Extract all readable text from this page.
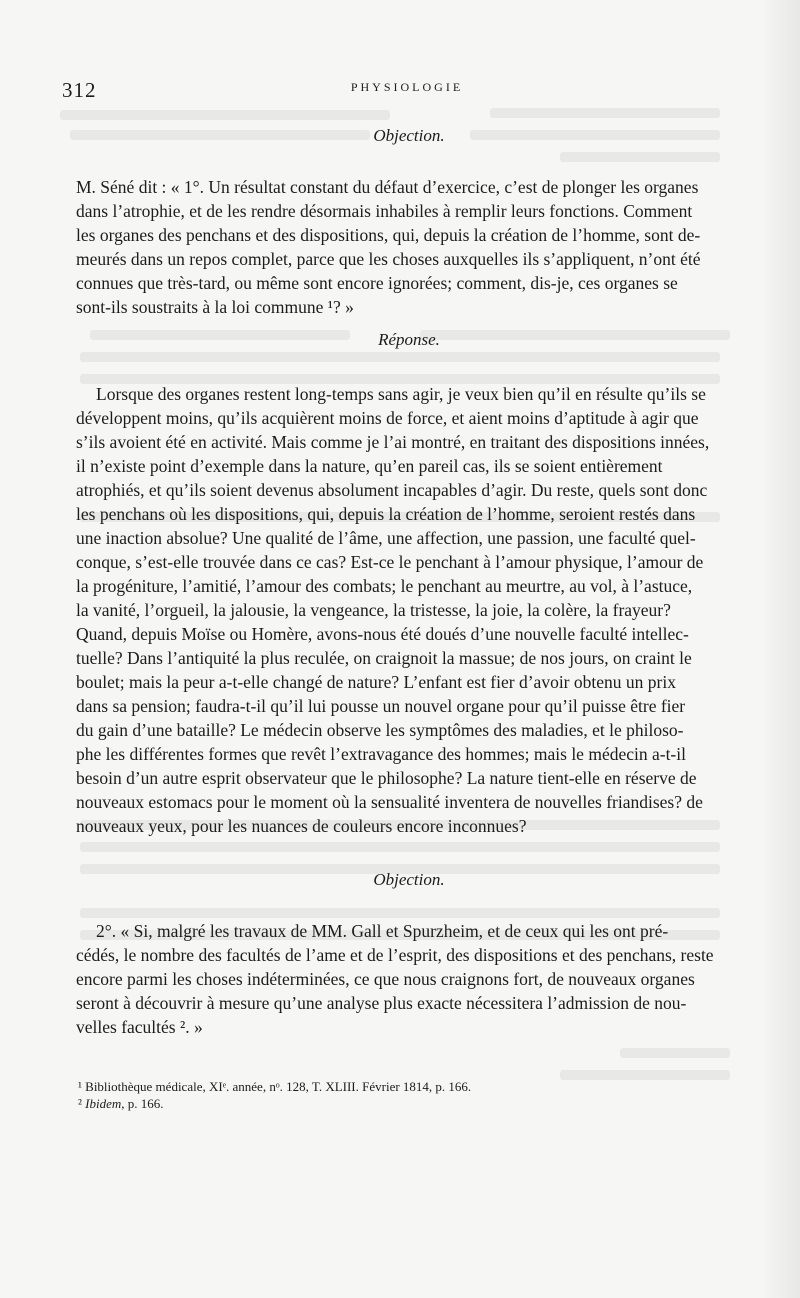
312	PHYSIOLOGIE
Objection.
M. Séné dit : « 1°. Un résultat constant du défaut d’exercice, c’est de plonger les organes
dans l’atrophie, et de les rendre désormais inhabiles à remplir leurs fonctions. Comment
les organes des penchans et des dispositions, qui, depuis la création de l’homme, sont de-
meurés dans un repos complet, parce que les choses auxquelles ils s’appliquent, n’ont été
connues que très-tard, ou même sont encore ignorées; comment, dis-je, ces organes se
sont-ils soustraits à la loi commune ¹? »
Réponse.
Lorsque des organes restent long-temps sans agir, je veux bien qu’il en résulte qu’ils se
développent moins, qu’ils acquièrent moins de force, et aient moins d’aptitude à agir que
s’ils avoient été en activité. Mais comme je l’ai montré, en traitant des dispositions innées,
il n’existe point d’exemple dans la nature, qu’en pareil cas, ils se soient entièrement
atrophiés, et qu’ils soient devenus absolument incapables d’agir. Du reste, quels sont donc
les penchans où les dispositions, qui, depuis la création de l’homme, seroient restés dans
une inaction absolue? Une qualité de l’âme, une affection, une passion, une faculté quel-
conque, s’est-elle trouvée dans ce cas? Est-ce le penchant à l’amour physique, l’amour de
la progéniture, l’amitié, l’amour des combats; le penchant au meurtre, au vol, à l’astuce,
la vanité, l’orgueil, la jalousie, la vengeance, la tristesse, la joie, la colère, la frayeur?
Quand, depuis Moïse ou Homère, avons-nous été doués d’une nouvelle faculté intellec-
tuelle? Dans l’antiquité la plus reculée, on craignoit la massue; de nos jours, on craint le
boulet; mais la peur a-t-elle changé de nature? L’enfant est fier d’avoir obtenu un prix
dans sa pension; faudra-t-il qu’il lui pousse un nouvel organe pour qu’il puisse être fier
du gain d’une bataille? Le médecin observe les symptômes des maladies, et le philoso-
phe les différentes formes que revêt l’extravagance des hommes; mais le médecin a-t-il
besoin d’un autre esprit observateur que le philosophe? La nature tient-elle en réserve de
nouveaux estomacs pour le moment où la sensualité inventera de nouvelles friandises? de
nouveaux yeux, pour les nuances de couleurs encore inconnues?
Objection.
2°. « Si, malgré les travaux de MM. Gall et Spurzheim, et de ceux qui les ont pré-
cédés, le nombre des facultés de l’ame et de l’esprit, des dispositions et des penchans, reste
encore parmi les choses indéterminées, ce que nous craignons fort, de nouveaux organes
seront à découvrir à mesure qu’une analyse plus exacte nécessitera l’admission de nou-
velles facultés ². »
¹ Bibliothèque médicale, XIᵉ. année, nᵒ. 128, T. XLIII. Février 1814, p. 166.
² Ibidem, p. 166.
